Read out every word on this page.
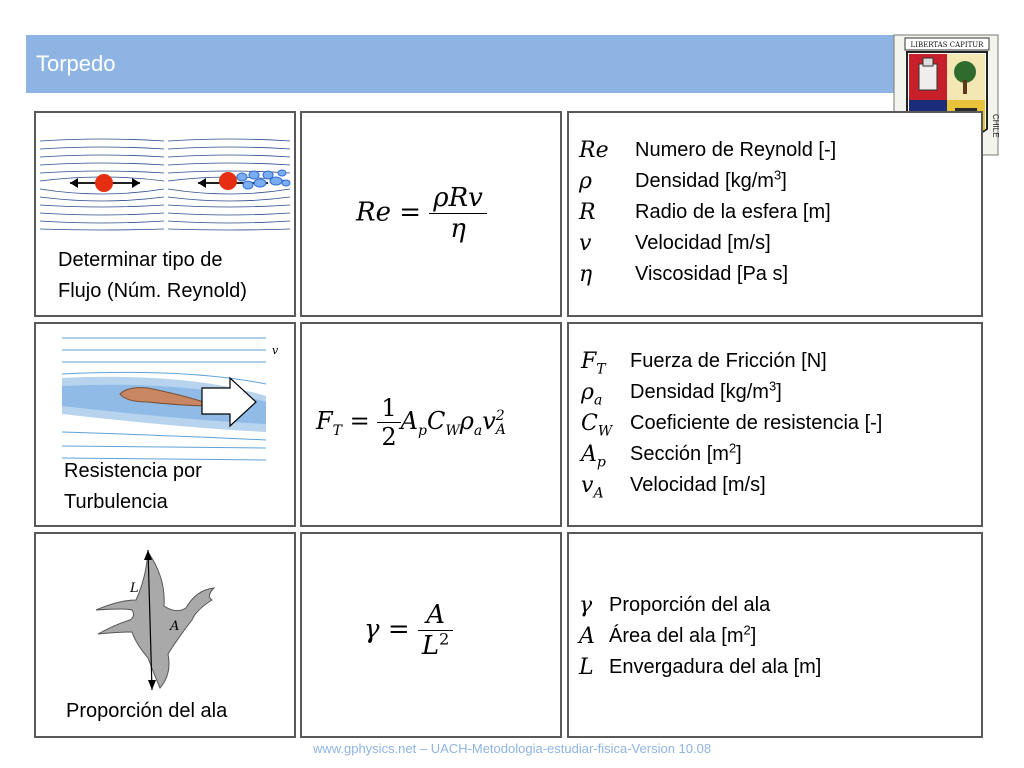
Torpedo
LIBERTAS CAPITUR
CHILE
Determinar tipo de
Flujo (Núm. Reynold)
$Re = \frac{\text{ρRv}}{\eta}$
Re	Numero de Reynold [-]
ρ	Densidad $[kg/m^3]$
R	Radio de la esfera [m]
v	Velocidad [m/s]
η	Viscosidad [Pa s]
v
Resistencia por
Turbulencia
$F_T = \frac{1}{2} A_pC_W\rho_av$ 2
A
$F_T$	Fuerza de Fricción [N]
$\rho_a$	Densidad $[kg/m^3]$
$C_W$ Coeficiente de resistencia [-]
$A_p$	Sección $[m^2]$
$v_A$	Velocidad [m/s]
L
A
Proporción del ala
$\gamma = \frac{A}{L^2}$	γ Proporción del ala
A Área del ala $[m^2]$
L Envergadura del ala [m]
www.gphysics.net – UACH-Metodologia-estudiar-fisica-Version 10.08
